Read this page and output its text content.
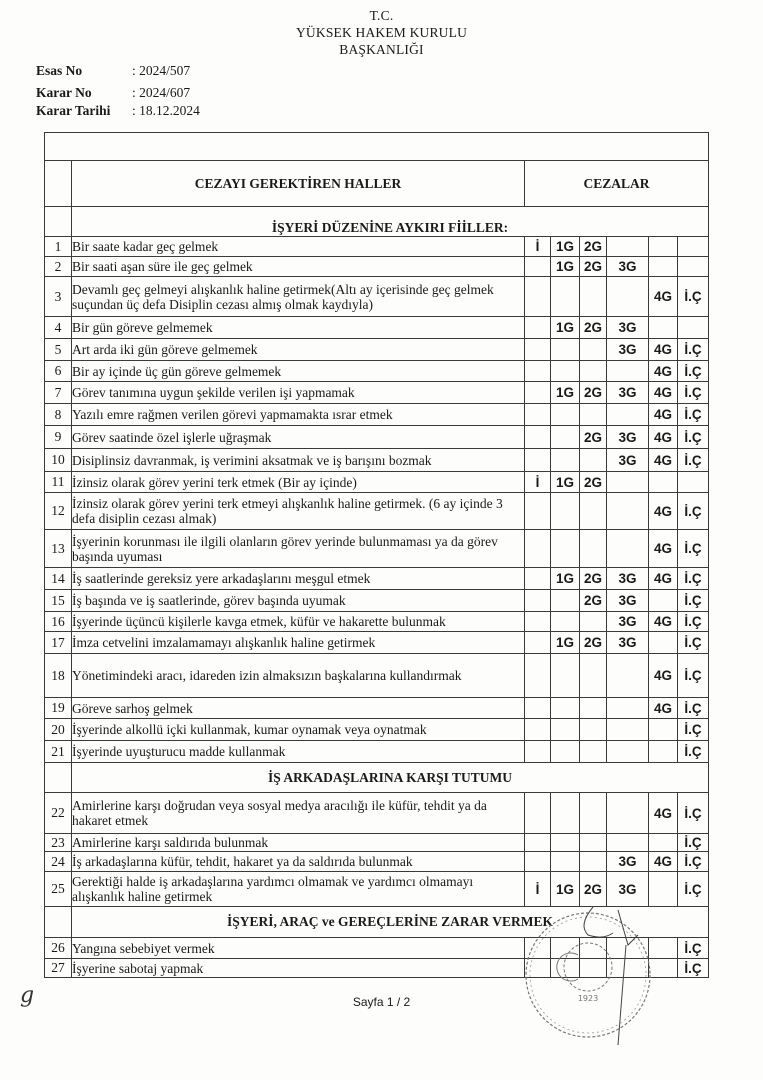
T.C.
YÜKSEK HAKEM KURULU
BAŞKANLIĞI
Esas No	: 2024/507
Karar No	: 2024/607
Karar Tarihi : 18.12.2024

	CEZAYI GEREKTİREN HALLER	CEZALAR					
	İŞYERİ DÜZENİNE AYKIRI FİİLLER:						
1	Bir saate kadar geç gelmek	İ	1G	2G			
2	Bir saati aşan süre ile geç gelmek		1G	2G	3G		
3	Devamlı geç gelmeyi alışkanlık haline getirmek(Altı ay içerisinde geç gelmek suçundan üç defa Disiplin cezası almış olmak kaydıyla)					4G	İ.Ç
4	Bir gün göreve gelmemek		1G	2G	3G		
5	Art arda iki gün göreve gelmemek				3G	4G	İ.Ç
6	Bir ay içinde üç gün göreve gelmemek					4G	İ.Ç
7	Görev tanımına uygun şekilde verilen işi yapmamak		1G	2G	3G	4G	İ.Ç
8	Yazılı emre rağmen verilen görevi yapmamakta ısrar etmek					4G	İ.Ç
9	Görev saatinde özel işlerle uğraşmak			2G	3G	4G	İ.Ç
10	Disiplinsiz davranmak, iş verimini aksatmak ve iş barışını bozmak				3G	4G	İ.Ç
11	İzinsiz olarak görev yerini terk etmek (Bir ay içinde)	İ	1G	2G			
12	İzinsiz olarak görev yerini terk etmeyi alışkanlık haline getirmek. (6 ay içinde 3 defa disiplin cezası almak)					4G	İ.Ç
13	İşyerinin korunması ile ilgili olanların görev yerinde bulunmaması ya da görev başında uyuması					4G	İ.Ç
14	İş saatlerinde gereksiz yere arkadaşlarını meşgul etmek		1G	2G	3G	4G	İ.Ç
15	İş başında ve iş saatlerinde, görev başında uyumak			2G	3G		İ.Ç
16	İşyerinde üçüncü kişilerle kavga etmek, küfür ve hakarette bulunmak				3G	4G	İ.Ç
17	İmza cetvelini imzalamamayı alışkanlık haline getirmek		1G	2G	3G		İ.Ç
18	Yönetimindeki aracı, idareden izin almaksızın başkalarına kullandırmak					4G	İ.Ç
19	Göreve sarhoş gelmek					4G	İ.Ç
20	İşyerinde alkollü içki kullanmak, kumar oynamak veya oynatmak						İ.Ç
21	İşyerinde uyuşturucu madde kullanmak						İ.Ç
	İŞ ARKADAŞLARINA KARŞI TUTUMU						
22	Amirlerine karşı doğrudan veya sosyal medya aracılığı ile küfür, tehdit ya da hakaret etmek					4G	İ.Ç
23	Amirlerine karşı saldırıda bulunmak						İ.Ç
24	İş arkadaşlarına küfür, tehdit, hakaret ya da saldırıda bulunmak				3G	4G	İ.Ç
25	Gerektiği halde iş arkadaşlarına yardımcı olmamak ve yardımcı olmamayı alışkanlık haline getirmek	İ	1G	2G	3G		İ.Ç
	İŞYERİ, ARAÇ ve GEREÇLERİNE ZARAR VERMEK						
26	Yangına sebebiyet vermek						İ.Ç
27	İşyerine sabotaj yapmak						İ.Ç
Sayfa 1 / 2
g	1923
